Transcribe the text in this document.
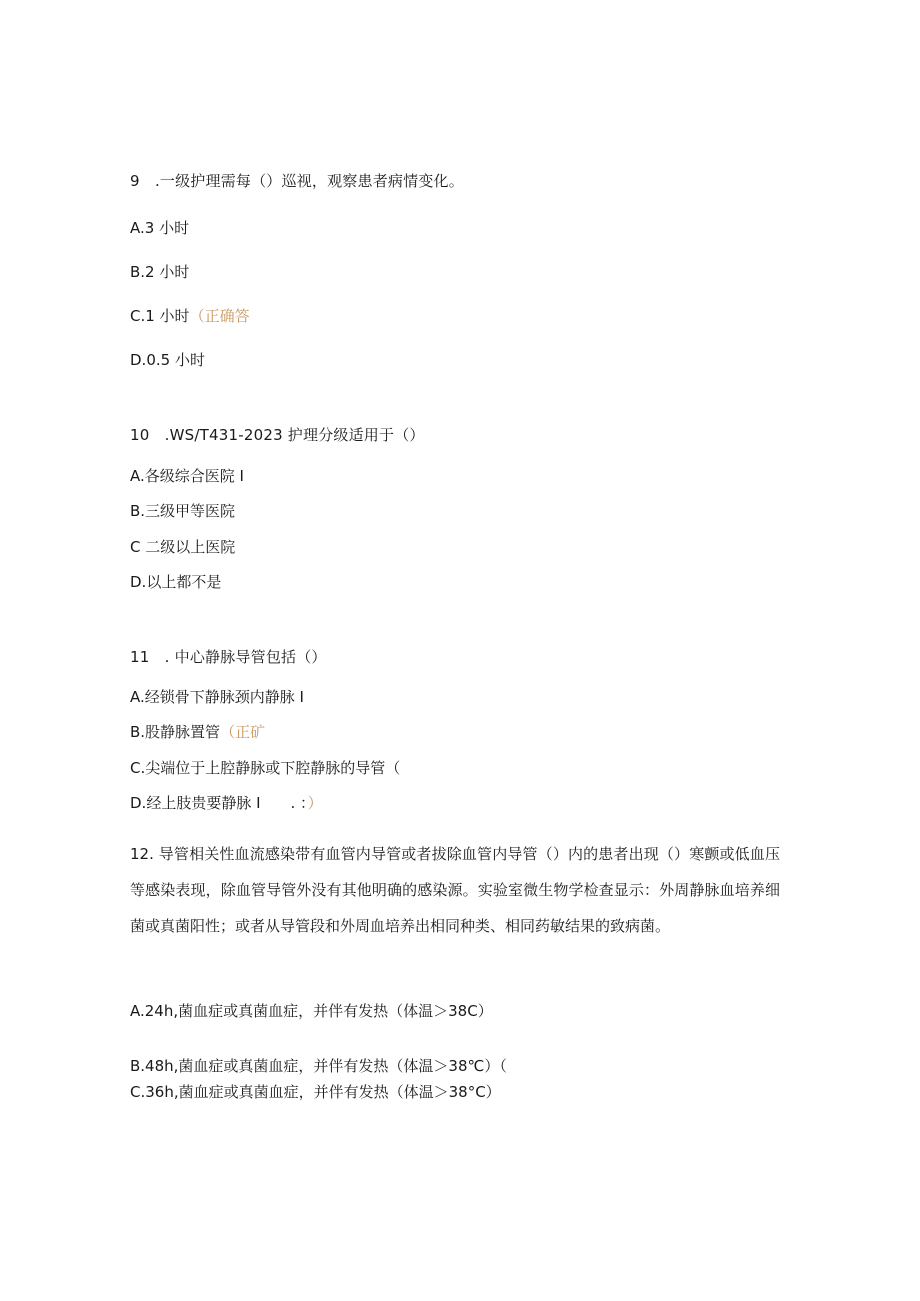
9 .一级护理需每（）巡视，观察患者病情变化。
A.3 小时
B.2 小时
C.1 小时（正确答
D.0.5 小时
10 .WS/T431-2023 护理分级适用于（）
A.各级综合医院 I
B.三级甲等医院
C 二级以上医院
D.以上都不是
11 . 中心静脉导管包括（）
A.经锁骨下静脉颈内静脉 I
B.股静脉置管（正矿
C.尖端位于上腔静脉或下腔静脉的导管（
D.经上肢贵要静脉 I  . ：）
12. 导管相关性血流感染带有血管内导管或者拔除血管内导管（）内的患者出现（）寒颤或低血压等感染表现，除血管导管外没有其他明确的感染源。实验室微生物学检查显示：外周静脉血培养细菌或真菌阳性；或者从导管段和外周血培养出相同种类、相同药敏结果的致病菌。
A.24h,菌血症或真菌血症，并伴有发热（体温＞38C）
B.48h,菌血症或真菌血症，并伴有发热（体温＞38℃）（
C.36h,菌血症或真菌血症，并伴有发热（体温＞38°C）
